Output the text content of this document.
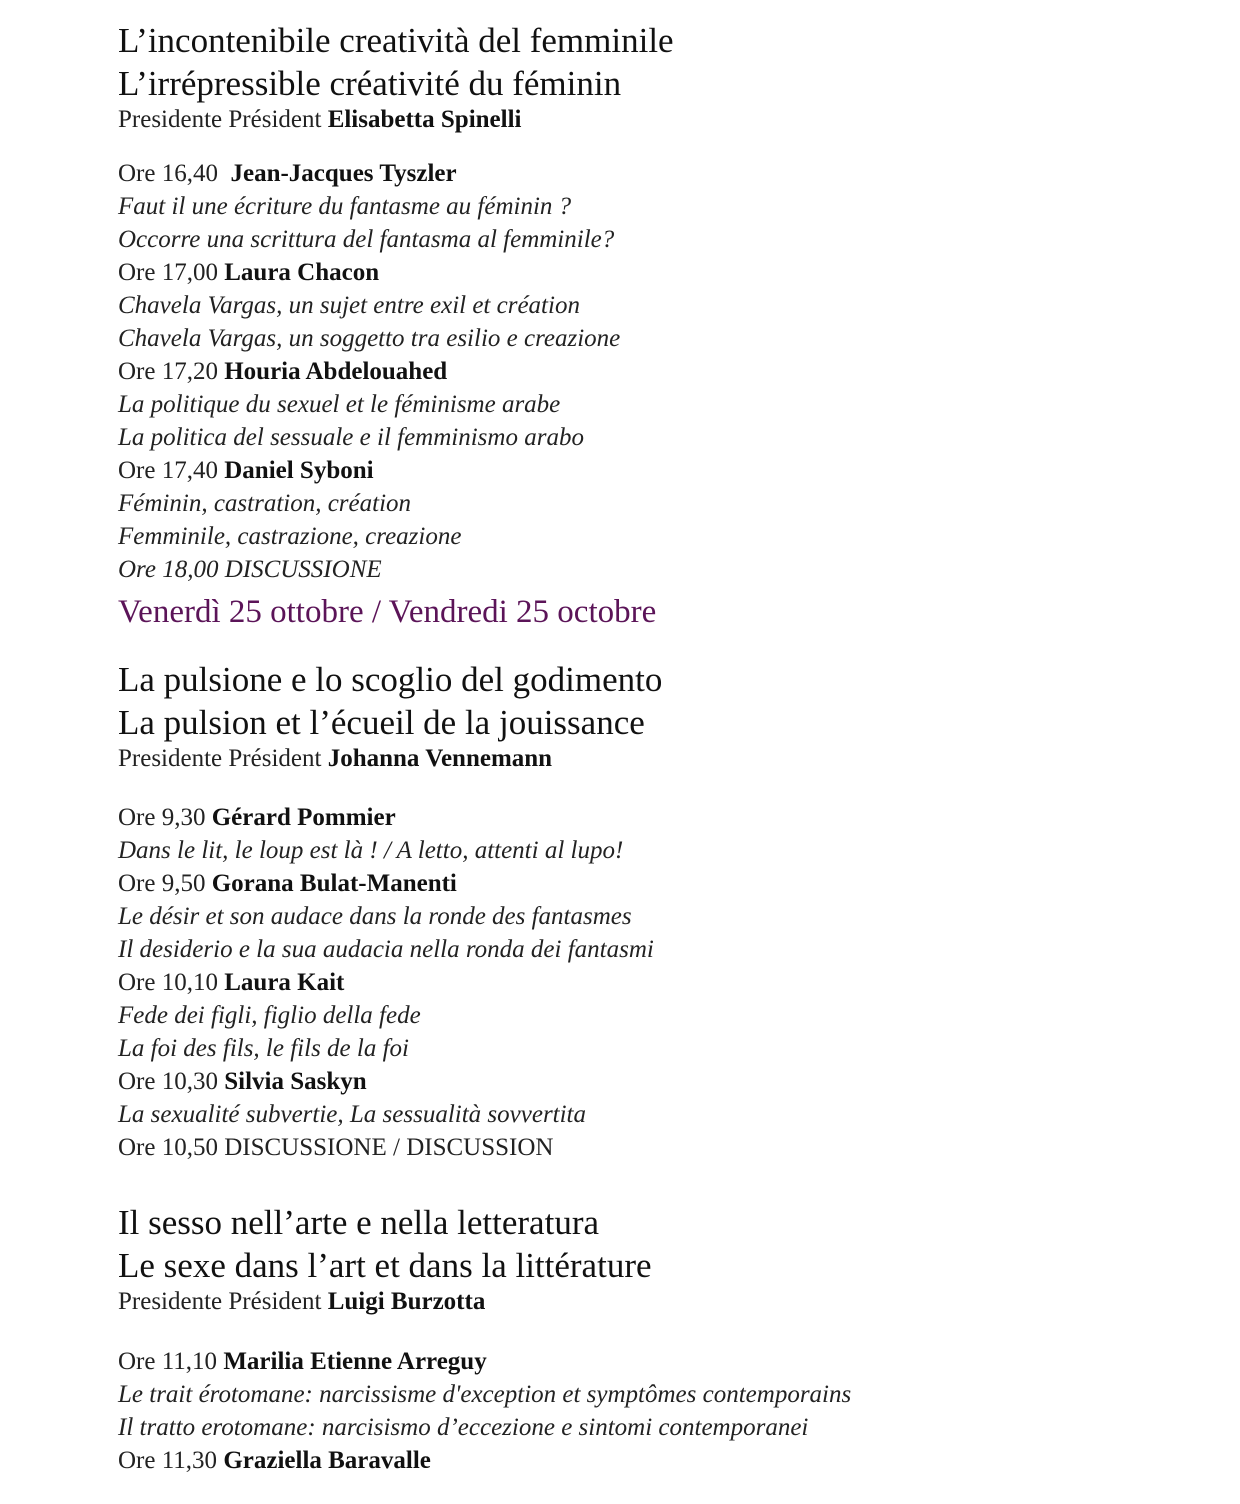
L’incontenibile creatività del femminile
L’irrépressible créativité du féminin
Presidente Président Elisabetta Spinelli
Ore 16,40 Jean-Jacques Tyszler
Faut il une écriture du fantasme au féminin ?
Occorre una scrittura del fantasma al femminile?
Ore 17,00 Laura Chacon
Chavela Vargas, un sujet entre exil et création
Chavela Vargas, un soggetto tra esilio e creazione
Ore 17,20 Houria Abdelouahed
La politique du sexuel et le féminisme arabe
La politica del sessuale e il femminismo arabo
Ore 17,40 Daniel Syboni
Féminin, castration, création
Femminile, castrazione, creazione
Ore 18,00 DISCUSSIONE
Venerdì 25 ottobre / Vendredi 25 octobre
La pulsione e lo scoglio del godimento
La pulsion et l’écueil de la jouissance
Presidente Président Johanna Vennemann
Ore 9,30 Gérard Pommier
Dans le lit, le loup est là ! / A letto, attenti al lupo!
Ore 9,50 Gorana Bulat-Manenti
Le désir et son audace dans la ronde des fantasmes
Il desiderio e la sua audacia nella ronda dei fantasmi
Ore 10,10 Laura Kait
Fede dei figli, figlio della fede
La foi des fils, le fils de la foi
Ore 10,30 Silvia Saskyn
La sexualité subvertie, La sessualità sovvertita
Ore 10,50 DISCUSSIONE / DISCUSSION
Il sesso nell’arte e nella letteratura
Le sexe dans l’art et dans la littérature
Presidente Président Luigi Burzotta
Ore 11,10 Marilia Etienne Arreguy
Le trait érotomane: narcissisme d'exception et symptômes contemporains
Il tratto erotomane: narcisismo d’eccezione e sintomi contemporanei
Ore 11,30 Graziella Baravalle
